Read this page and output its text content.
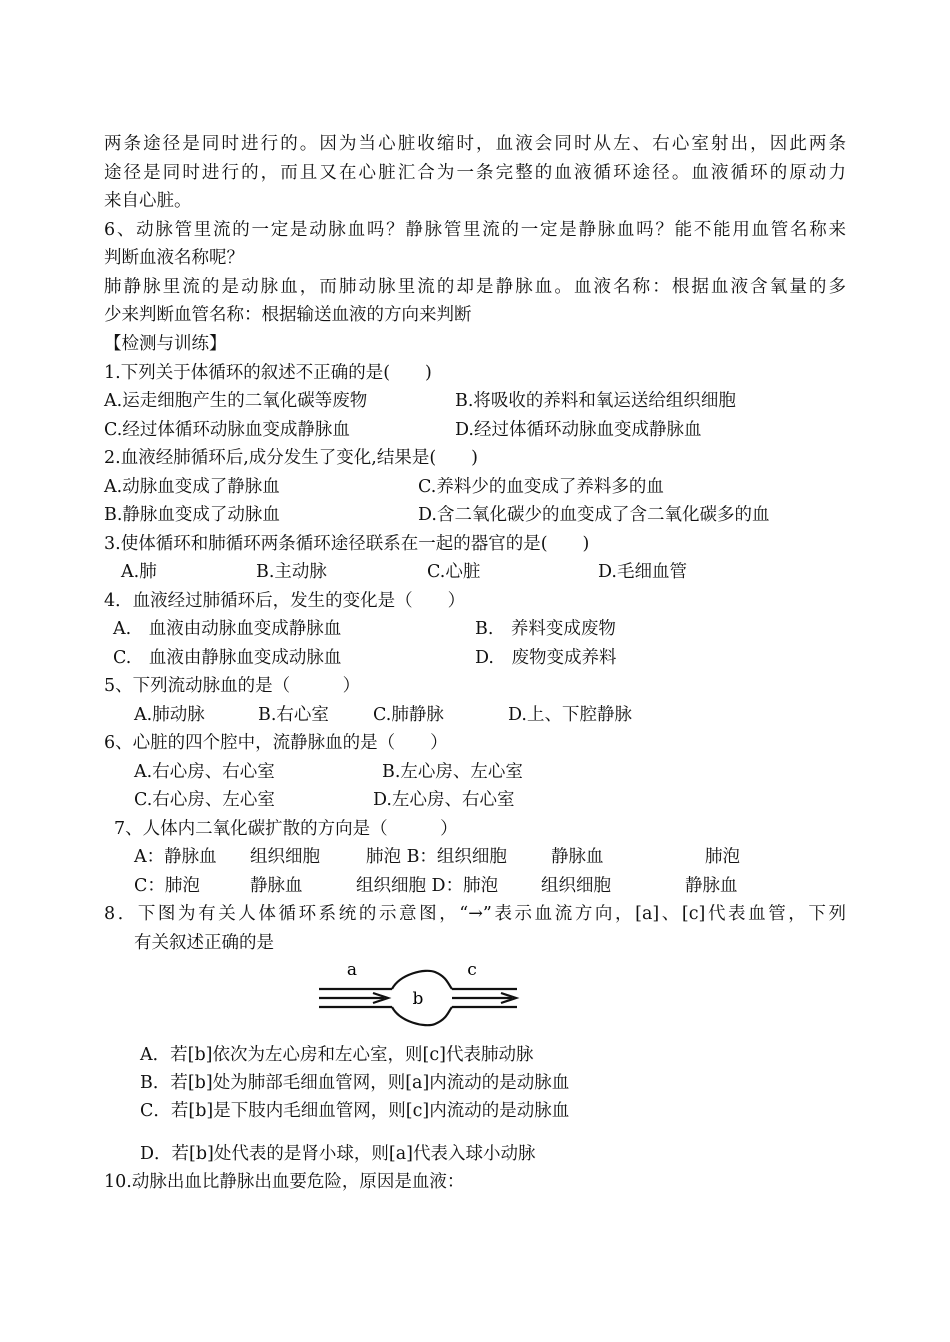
两条途径是同时进行的。因为当心脏收缩时，血液会同时从左、右心室射出，因此两条
途径是同时进行的，而且又在心脏汇合为一条完整的血液循环途径。血液循环的原动力
来自心脏。
6、动脉管里流的一定是动脉血吗？静脉管里流的一定是静脉血吗？能不能用血管名称来
判断血液名称呢？
肺静脉里流的是动脉血，而肺动脉里流的却是静脉血。血液名称：根据血液含氧量的多
少来判断血管名称：根据输送血液的方向来判断
【检测与训练】
1.下列关于体循环的叙述不正确的是(　　)
A.运走细胞产生的二氧化碳等废物	B.将吸收的养料和氧运送给组织细胞
C.经过体循环动脉血变成静脉血	D.经过体循环动脉血变成静脉血
2.血液经肺循环后,成分发生了变化,结果是(　　)
A.动脉血变成了静脉血	C.养料少的血变成了养料多的血
B.静脉血变成了动脉血	D.含二氧化碳少的血变成了含二氧化碳多的血
3.使体循环和肺循环两条循环途径联系在一起的器官的是(　　)
A.肺	B.主动脉	C.心脏	D.毛细血管
4．血液经过肺循环后，发生的变化是（　　）
A.　血液由动脉血变成静脉血	B.　养料变成废物
C.　血液由静脉血变成动脉血	D.　废物变成养料
5、下列流动脉血的是（　　　）
A.肺动脉	B.右心室	C.肺静脉	D.上、下腔静脉
6、心脏的四个腔中，流静脉血的是（　　）
A.右心房、右心室	B.左心房、左心室
C.右心房、左心室	D.左心房、右心室
7、人体内二氧化碳扩散的方向是（　　　）
A：静脉血 组织细胞	肺泡 B：组织细胞	静脉血	肺泡
C：肺泡	静脉血	组织细胞 D：肺泡 组织细胞	静脉血
8．下图为有关人体循环系统的示意图，“→”表示血流方向，[a]、[c]代表血管，下列
有关叙述正确的是
a
b
c
A．若[b]依次为左心房和左心室，则[c]代表肺动脉
B．若[b]处为肺部毛细血管网，则[a]内流动的是动脉血
C．若[b]是下肢内毛细血管网，则[c]内流动的是动脉血
D．若[b]处代表的是肾小球，则[a]代表入球小动脉
10.动脉出血比静脉出血要危险，原因是血液：
